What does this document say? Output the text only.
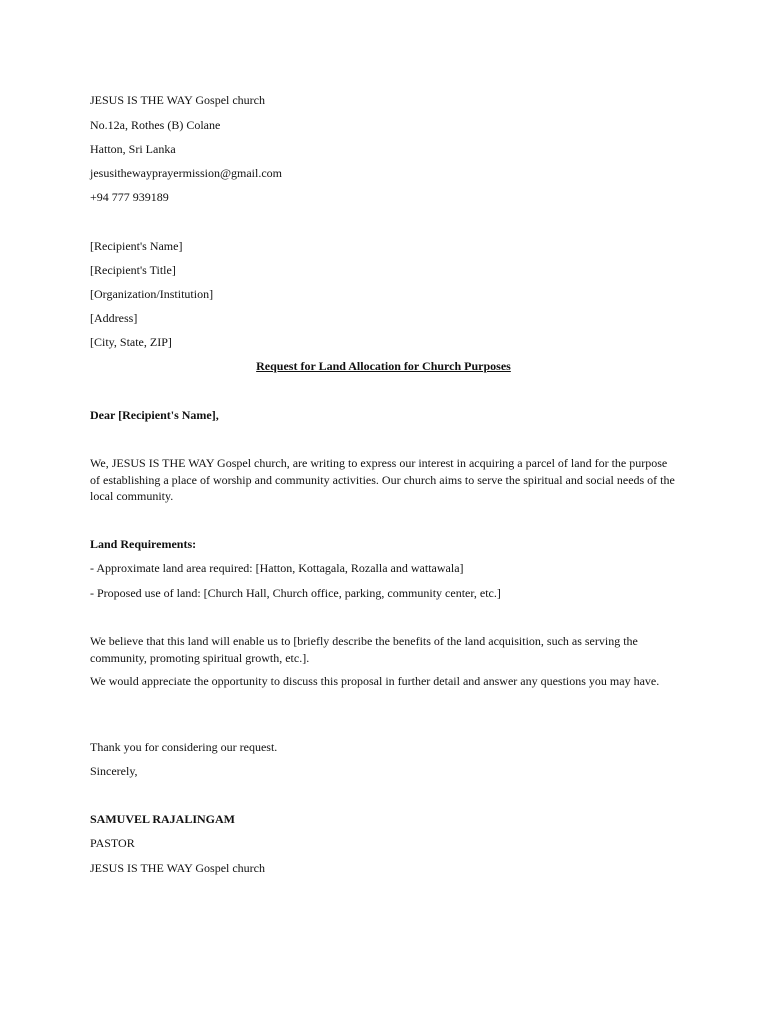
JESUS IS THE WAY Gospel church
No.12a, Rothes (B) Colane
Hatton, Sri Lanka
jesusithewayprayermission@gmail.com
+94 777 939189
[Recipient's Name]
[Recipient's Title]
[Organization/Institution]
[Address]
[City, State, ZIP]
Request for Land Allocation for Church Purposes
Dear [Recipient's Name],
We, JESUS IS THE WAY Gospel church, are writing to express our interest in acquiring a parcel of land for the purpose of establishing a place of worship and community activities. Our church aims to serve the spiritual and social needs of the local community.
Land Requirements:
- Approximate land area required: [Hatton, Kottagala, Rozalla and wattawala]
- Proposed use of land: [Church Hall, Church office, parking, community center, etc.]
We believe that this land will enable us to [briefly describe the benefits of the land acquisition, such as serving the community, promoting spiritual growth, etc.].
We would appreciate the opportunity to discuss this proposal in further detail and answer any questions you may have.
Thank you for considering our request.
Sincerely,
SAMUVEL RAJALINGAM
PASTOR
JESUS IS THE WAY Gospel church
